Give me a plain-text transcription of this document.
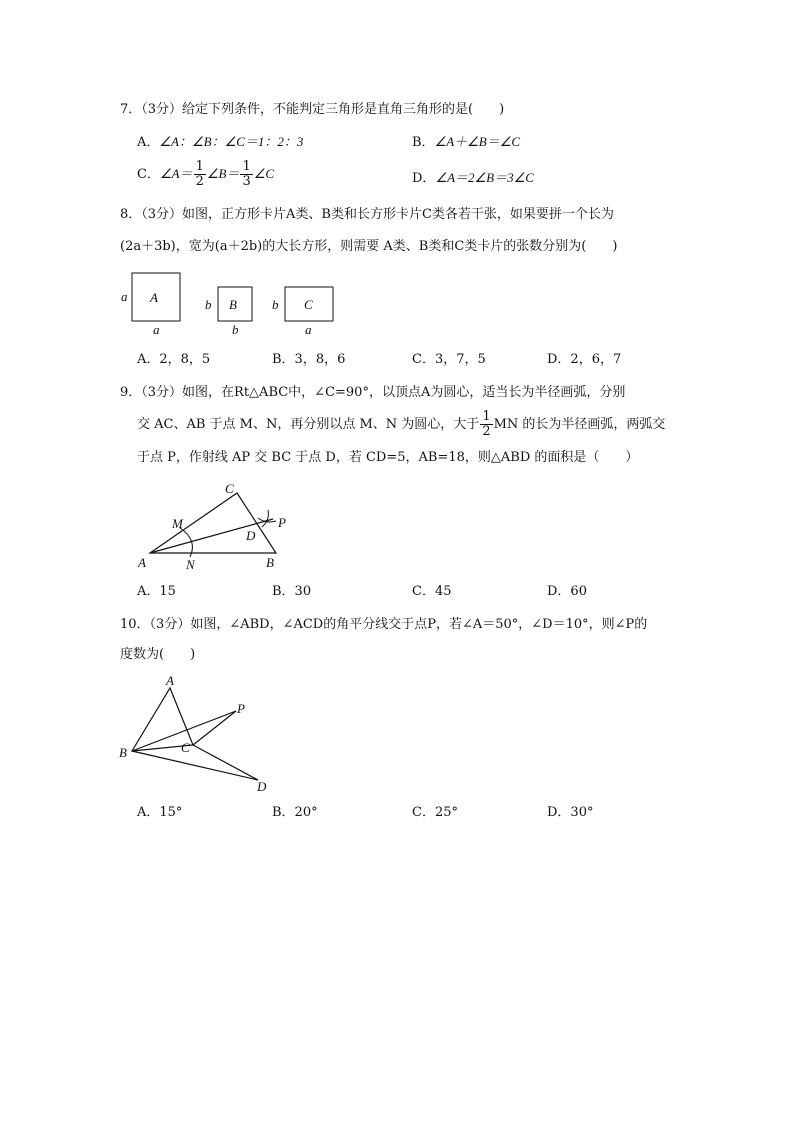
7．（3分）给定下列条件，不能判定三角形是直角三角形的是(　　)
A．∠A：∠B：∠C＝1：2：3	B．∠A＋∠B＝∠C
C．∠A＝ $\frac{1}{2}$ ∠B＝ $\frac{1}{3}$ ∠C	D．∠A＝2∠B＝3∠C
8．（3分）如图，正方形卡片A类、B类和长方形卡片C类各若干张，如果要拼一个长为
(2a＋3b)，宽为(a＋2b)的大长方形，则需要 A类、B类和C类卡片的张数分别为(　　)
A
a
a
B
b
b
C
b
a
A．2，8，5	B．3，8，6	C．3，7，5	D．2，6，7
9．（3分）如图，在Rt△ABC中，∠C=90°，以顶点A为圆心，适当长为半径画弧，分别
交 AC、AB 于点 M、N，再分别以点 M、N 为圆心，大于 $\frac{1}{2}$ MN 的长为半径画弧，两弧交
于点 P，作射线 AP 交 BC 于点 D，若 CD=5，AB=18，则△ABD 的面积是（　　）
A
C
B
D
M
N
P
A．15	B．30	C．45	D．60
10．（3分）如图，∠ABD，∠ACD的角平分线交于点P，若∠A＝50°，∠D＝10°，则∠P的
度数为(　　)
A
B	C
D
P
A．15°	B．20°	C．25°	D．30°
